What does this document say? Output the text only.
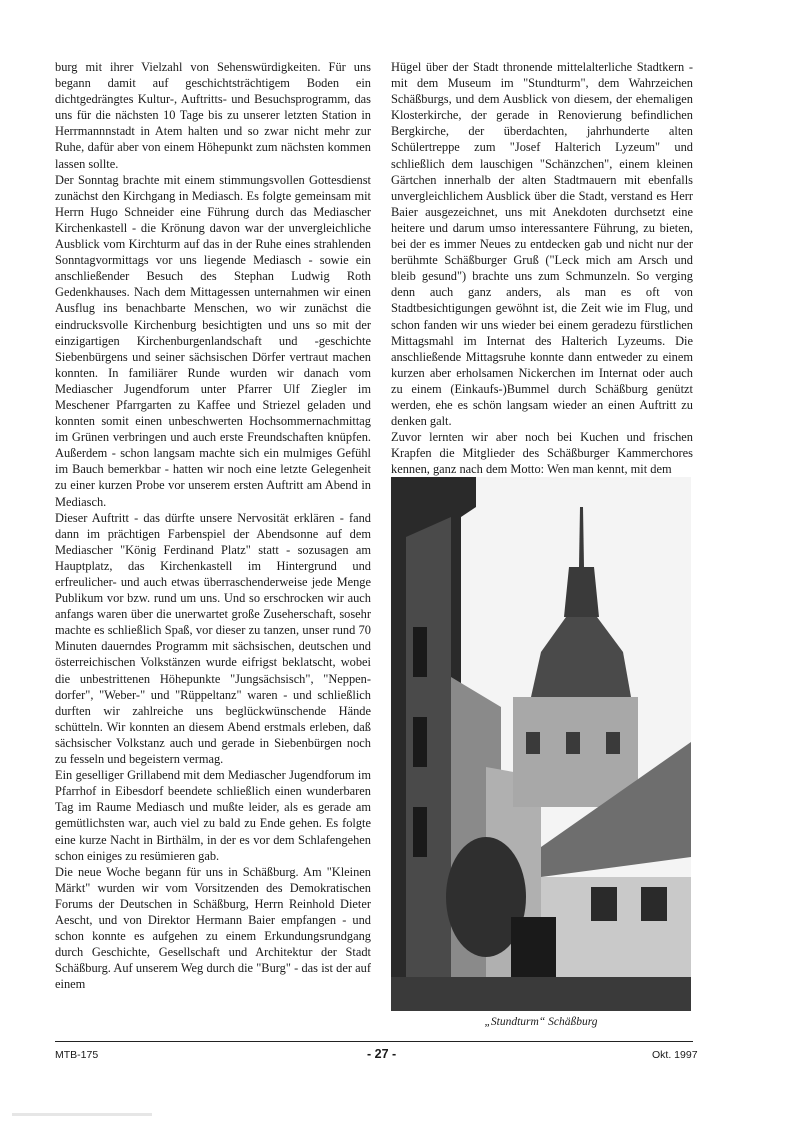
burg mit ihrer Vielzahl von Sehenswürdigkeiten. Für uns begann damit auf geschichtsträchtigem Boden ein dichtgedrängtes Kultur-, Auftritts- und Besuchsprogramm, das uns für die nächsten 10 Tage bis zu unserer letzten Station in Herrmannnstadt in Atem halten und so zwar nicht mehr zur Ruhe, dafür aber von einem Höhepunkt zum nächsten kommen lassen sollte.

Der Sonntag brachte mit einem stimmungsvollen Gottesdienst zunächst den Kirchgang in Mediasch. Es folgte gemeinsam mit Herrn Hugo Schneider eine Führung durch das Mediascher Kirchenkastell - die Krönung davon war der unvergleichliche Ausblick vom Kirchturm auf das in der Ruhe eines strahlenden Sonntagvormittags vor uns liegende Mediasch - sowie ein anschließender Besuch des Stephan Ludwig Roth Gedenkhauses. Nach dem Mittagessen unternahmen wir einen Ausflug ins benachbarte Menschen, wo wir zunächst die eindrucksvolle Kirchenburg besichtigten und uns so mit der einzigartigen Kirchenburgenlandschaft und -geschichte Siebenbürgens und seiner sächsischen Dörfer vertraut machen konnten. In familiärer Runde wurden wir danach vom Mediascher Jugendforum unter Pfarrer Ulf Ziegler im Meschener Pfarrgarten zu Kaffee und Striezel geladen und konnten somit einen unbeschwerten Hochsommernachmittag im Grünen verbringen und auch erste Freundschaften knüpfen. Außerdem - schon langsam machte sich ein mulmiges Gefühl im Bauch bemerkbar - hatten wir noch eine letzte Gelegenheit zu einer kurzen Probe vor unserem ersten Auftritt am Abend in Mediasch.

Dieser Auftritt - das dürfte unsere Nervosität erklären - fand dann im prächtigen Farbenspiel der Abendsonne auf dem Mediascher "König Ferdinand Platz" statt - sozusagen am Hauptplatz, das Kirchenkastell im Hintergrund und erfreulicher- und auch etwas überraschenderweise jede Menge Publikum vor bzw. rund um uns. Und so erschrocken wir auch anfangs waren über die unerwartet große Zuseherschaft, sosehr machte es schließlich Spaß, vor dieser zu tanzen, unser rund 70 Minuten dauerndes Programm mit sächsischen, deutschen und österreichischen Volkstänzen wurde eifrigst beklatscht, wobei die unbestrittenen Höhepunkte "Jungsächsisch", "Neppen-dorfer", "Weber-" und "Rüppeltanz" waren - und schließlich durften wir zahlreiche uns beglückwünschende Hände schütteln. Wir konnten an diesem Abend erstmals erleben, daß sächsischer Volkstanz auch und gerade in Siebenbürgen noch zu fesseln und begeistern vermag.

Ein geselliger Grillabend mit dem Mediascher Jugendforum im Pfarrhof in Eibesdorf beendete schließlich einen wunderbaren Tag im Raume Mediasch und mußte leider, als es gerade am gemütlichsten war, auch viel zu bald zu Ende gehen. Es folgte eine kurze Nacht in Birthälm, in der es vor dem Schlafengehen schon einiges zu resümieren gab.

Die neue Woche begann für uns in Schäßburg. Am "Kleinen Märkt" wurden wir vom Vorsitzenden des Demokratischen Forums der Deutschen in Schäßburg, Herrn Reinhold Dieter Aescht, und von Direktor Hermann Baier empfangen - und schon konnte es aufgehen zu einem Erkundungsrundgang durch Geschichte, Gesellschaft und Architektur der Stadt Schäßburg. Auf unserem Weg durch die "Burg" - das ist der auf einem

Hügel über der Stadt thronende mittelalterliche Stadtkern - mit dem Museum im "Stundturm", dem Wahrzeichen Schäßburgs, und dem Ausblick von diesem, der ehemaligen Klosterkirche, der gerade in Renovierung befindlichen Bergkirche, der überdachten, jahrhunderte alten Schülertreppe zum "Josef Halterich Lyzeum" und schließlich dem lauschigen "Schänzchen", einem kleinen Gärtchen innerhalb der alten Stadtmauern mit ebenfalls unvergleichlichem Ausblick über die Stadt, verstand es Herr Baier ausgezeichnet, uns mit Anekdoten durchsetzt eine heitere und darum umso interessantere Führung, zu bieten, bei der es immer Neues zu entdecken gab und nicht nur der berühmte Schäßburger Gruß ("Leck mich am Arsch und bleib gesund") brachte uns zum Schmunzeln. So verging denn auch ganz anders, als man es oft von Stadtbesichtigungen gewöhnt ist, die Zeit wie im Flug, und schon fanden wir uns wieder bei einem geradezu fürstlichen Mittagsmahl im Internat des Halterich Lyzeums. Die anschließende Mittagsruhe konnte dann entweder zu einem kurzen aber erholsamen Nickerchen im Internat oder auch zu einem (Einkaufs-)Bummel durch Schäßburg genützt werden, ehe es schön langsam wieder an einen Auftritt zu denken galt.

Zuvor lernten wir aber noch bei Kuchen und frischen Krapfen die Mitglieder des Schäßburger Kammerchores kennen, ganz nach dem Motto: Wen man kennt, mit dem

„Stundturm“ Schäßburg
MTB-175	- 27 -	Okt. 1997
